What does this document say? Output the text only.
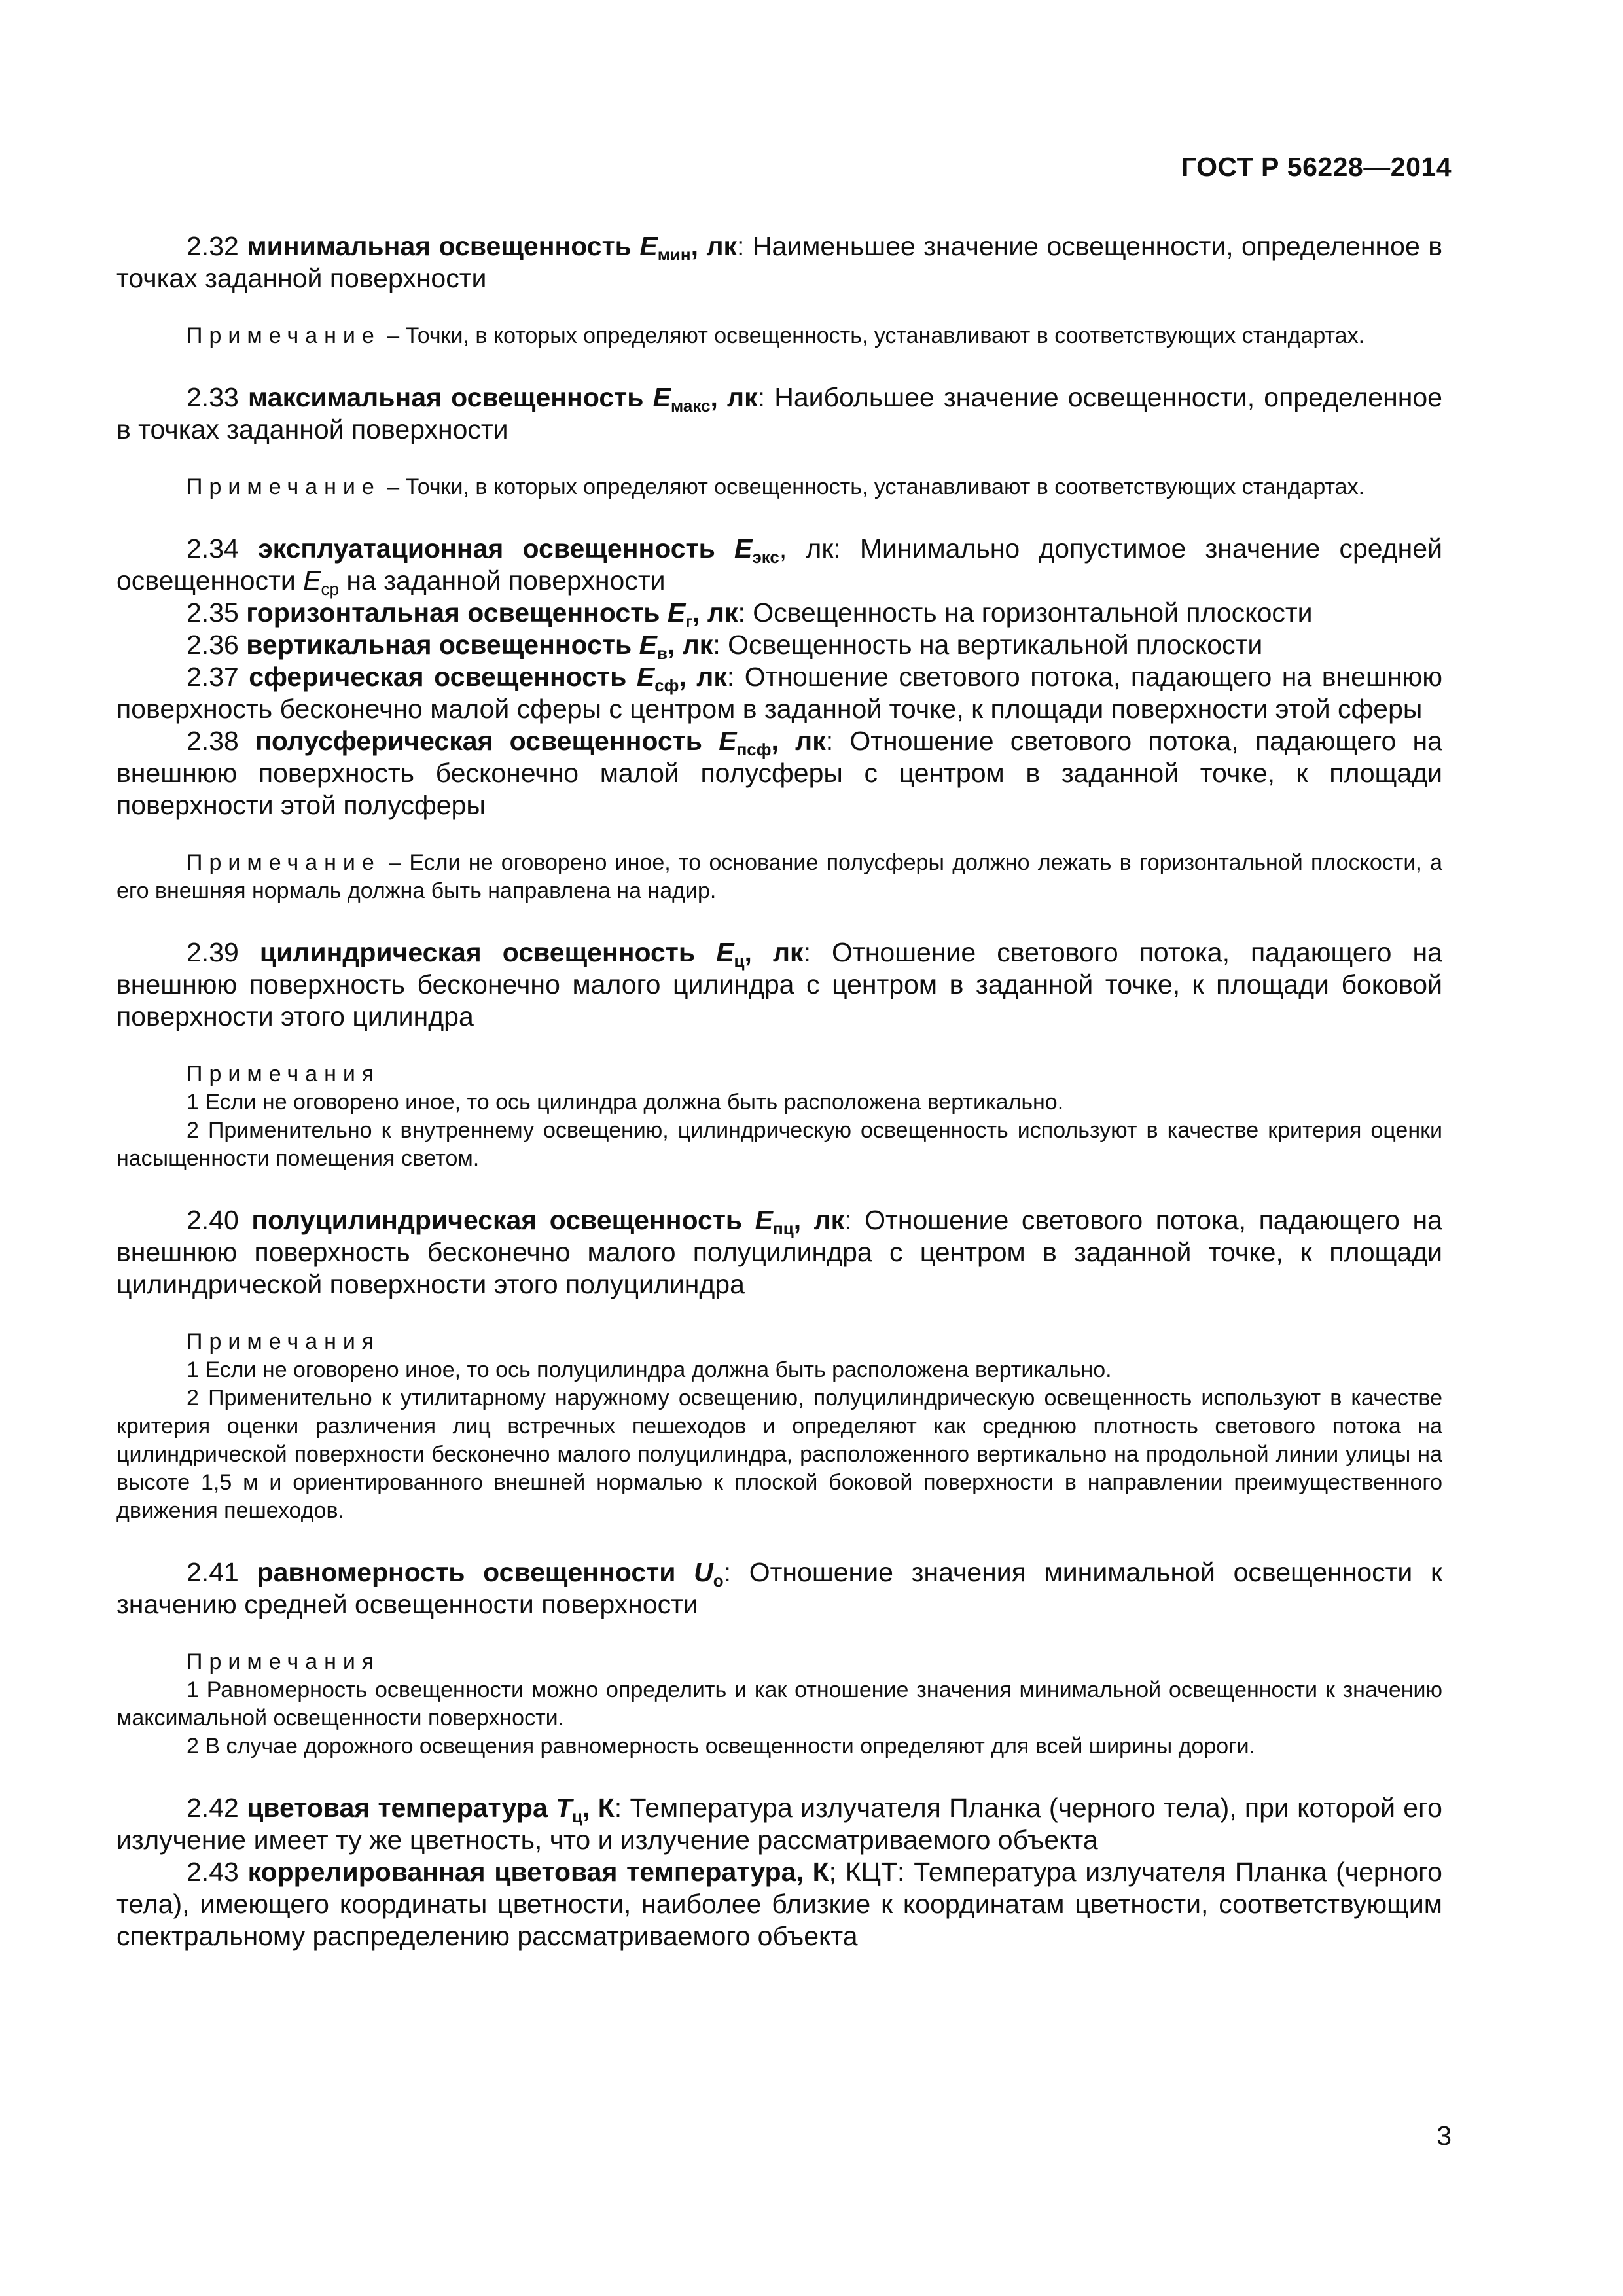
ГОСТ Р 56228—2014

2.32 минимальная освещенность $E_{мин}$, лк: Наименьшее значение освещенности, определенное в точках заданной поверхности

Примечание – Точки, в которых определяют освещенность, устанавливают в соответствующих стандартах.

2.33 максимальная освещенность $E_{макс}$, лк: Наибольшее значение освещенности, определенное в точках заданной поверхности

Примечание – Точки, в которых определяют освещенность, устанавливают в соответствующих стандартах.

2.34 эксплуатационная освещенность $E_{экс}$, лк: Минимально допустимое значение средней освещенности $E_{ср}$ на заданной поверхности

2.35 горизонтальная освещенность $E_г$, лк: Освещенность на горизонтальной плоскости

2.36 вертикальная освещенность $E_в$, лк: Освещенность на вертикальной плоскости

2.37 сферическая освещенность $E_{сф}$, лк: Отношение светового потока, падающего на внешнюю поверхность бесконечно малой сферы с центром в заданной точке, к площади поверхности этой сферы

2.38 полусферическая освещенность $E_{псф}$, лк: Отношение светового потока, падающего на внешнюю поверхность бесконечно малой полусферы с центром в заданной точке, к площади поверхности этой полусферы

Примечание – Если не оговорено иное, то основание полусферы должно лежать в горизонтальной плоскости, а его внешняя нормаль должна быть направлена на надир.

2.39 цилиндрическая освещенность $E_ц$, лк: Отношение светового потока, падающего на внешнюю поверхность бесконечно малого цилиндра с центром в заданной точке, к площади боковой поверхности этого цилиндра

Примечания

1 Если не оговорено иное, то ось цилиндра должна быть расположена вертикально.

2 Применительно к внутреннему освещению, цилиндрическую освещенность используют в качестве критерия оценки насыщенности помещения светом.

2.40 полуцилиндрическая освещенность $E_{пц}$, лк: Отношение светового потока, падающего на внешнюю поверхность бесконечно малого полуцилиндра с центром в заданной точке, к площади цилиндрической поверхности этого полуцилиндра

Примечания

1 Если не оговорено иное, то ось полуцилиндра должна быть расположена вертикально.

2 Применительно к утилитарному наружному освещению, полуцилиндрическую освещенность используют в качестве критерия оценки различения лиц встречных пешеходов и определяют как среднюю плотность светового потока на цилиндрической поверхности бесконечно малого полуцилиндра, расположенного вертикально на продольной линии улицы на высоте 1,5 м и ориентированного внешней нормалью к плоской боковой поверхности в направлении преимущественного движения пешеходов.

2.41 равномерность освещенности $U_о$: Отношение значения минимальной освещенности к значению средней освещенности поверхности

Примечания

1 Равномерность освещенности можно определить и как отношение значения минимальной освещенности к значению максимальной освещенности поверхности.

2 В случае дорожного освещения равномерность освещенности определяют для всей ширины дороги.

2.42 цветовая температура $T_ц$, К: Температура излучателя Планка (черного тела), при которой его излучение имеет ту же цветность, что и излучение рассматриваемого объекта

2.43 коррелированная цветовая температура, К; КЦТ: Температура излучателя Планка (черного тела), имеющего координаты цветности, наиболее близкие к координатам цветности, соответствующим спектральному распределению рассматриваемого объекта

3
